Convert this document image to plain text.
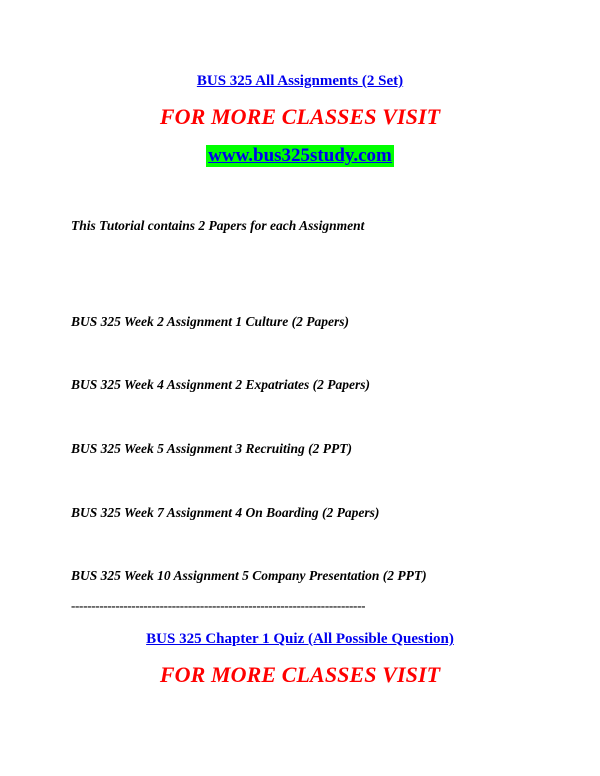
BUS 325 All Assignments (2 Set)
FOR MORE CLASSES VISIT
www.bus325study.com
This Tutorial contains 2 Papers for each Assignment
BUS 325 Week 2 Assignment 1 Culture (2 Papers)
BUS 325 Week 4 Assignment 2 Expatriates (2 Papers)
BUS 325 Week 5 Assignment 3 Recruiting (2 PPT)
BUS 325 Week 7 Assignment 4 On Boarding (2 Papers)
BUS 325 Week 10 Assignment 5 Company Presentation (2 PPT)
-------------------------------------------------------------------------
BUS 325 Chapter 1 Quiz (All Possible Question)
FOR MORE CLASSES VISIT
